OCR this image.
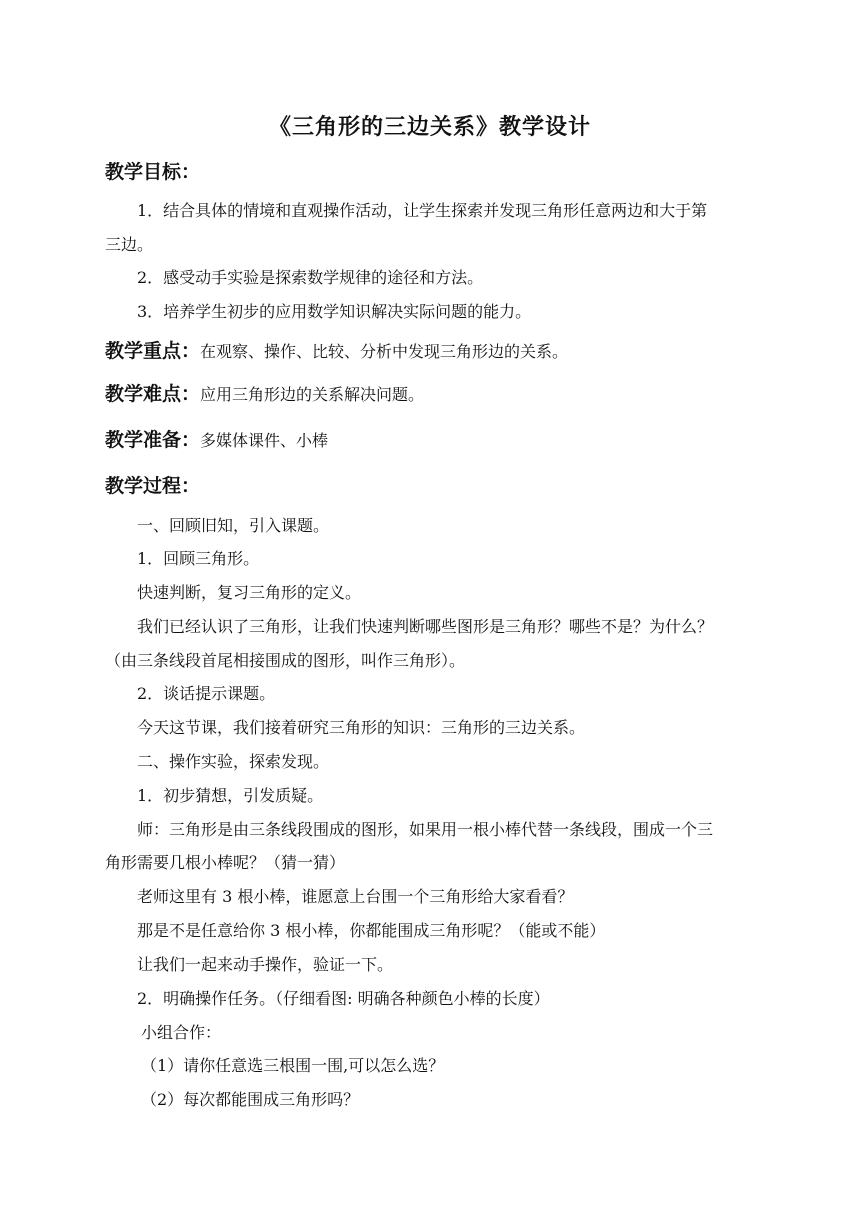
《三角形的三边关系》教学设计
教学目标：
1．结合具体的情境和直观操作活动，让学生探索并发现三角形任意两边和大于第
三边。
2．感受动手实验是探索数学规律的途径和方法。
3．培养学生初步的应用数学知识解决实际问题的能力。
教学重点：在观察、操作、比较、分析中发现三角形边的关系。
教学难点：应用三角形边的关系解决问题。
教学准备：多媒体课件、小棒
教学过程：
一、回顾旧知，引入课题。
1．回顾三角形。
快速判断，复习三角形的定义。
我们已经认识了三角形，让我们快速判断哪些图形是三角形？哪些不是？为什么？
（由三条线段首尾相接围成的图形，叫作三角形）。
2．谈话提示课题。
今天这节课，我们接着研究三角形的知识：三角形的三边关系。
二、操作实验，探索发现。
1．初步猜想，引发质疑。
师：三角形是由三条线段围成的图形，如果用一根小棒代替一条线段，围成一个三
角形需要几根小棒呢？（猜一猜）
老师这里有 3 根小棒，谁愿意上台围一个三角形给大家看看？
那是不是任意给你 3 根小棒，你都能围成三角形呢？（能或不能）
让我们一起来动手操作，验证一下。
2．明确操作任务。（仔细看图: 明确各种颜色小棒的长度）
小组合作：
（1）请你任意选三根围一围,可以怎么选？
（2）每次都能围成三角形吗？
